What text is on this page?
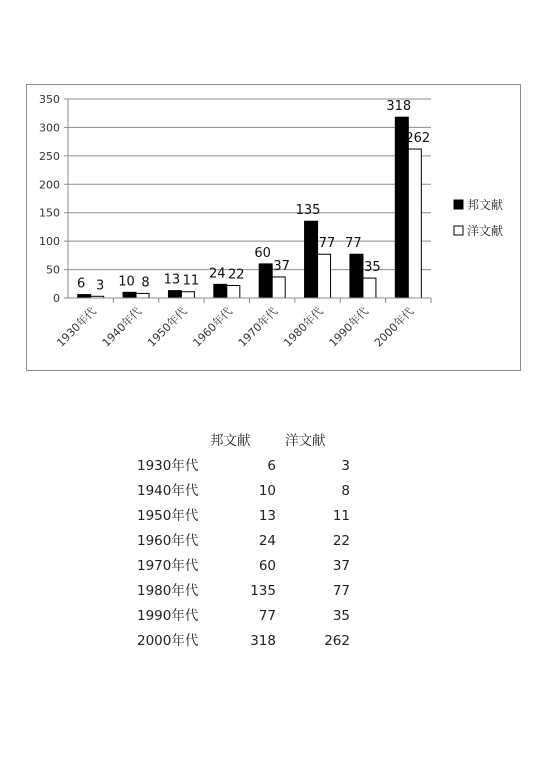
0
50
100
150
200
250
300
350
6 3
1930年代
10 8
1940年代
13 11
1950年代
24 22
1960年代
60
37
1970年代
135
77
1980年代
77
35
1990年代
318
262
2000年代
邦文献
洋文献
邦文献	洋文献
1930年代	6	3
1940年代	10	8
1950年代	13	11
1960年代	24	22
1970年代	60	37
1980年代	135	77
1990年代	77	35
2000年代	318	262
